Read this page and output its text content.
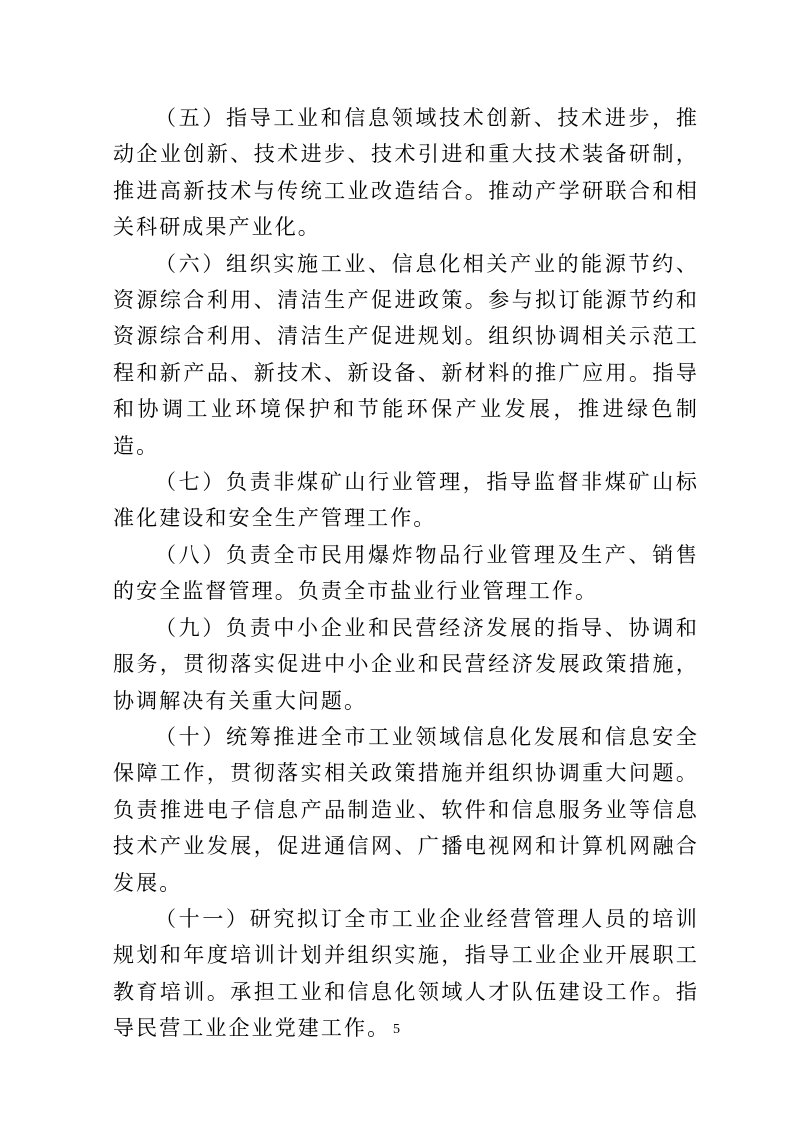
（五）指导工业和信息领域技术创新、技术进步，推动企业创新、技术进步、技术引进和重大技术装备研制，推进高新技术与传统工业改造结合。推动产学研联合和相关科研成果产业化。

（六）组织实施工业、信息化相关产业的能源节约、资源综合利用、清洁生产促进政策。参与拟订能源节约和资源综合利用、清洁生产促进规划。组织协调相关示范工程和新产品、新技术、新设备、新材料的推广应用。指导和协调工业环境保护和节能环保产业发展，推进绿色制造。

（七）负责非煤矿山行业管理，指导监督非煤矿山标准化建设和安全生产管理工作。

（八）负责全市民用爆炸物品行业管理及生产、销售的安全监督管理。负责全市盐业行业管理工作。

（九）负责中小企业和民营经济发展的指导、协调和服务，贯彻落实促进中小企业和民营经济发展政策措施，协调解决有关重大问题。

（十）统筹推进全市工业领域信息化发展和信息安全保障工作，贯彻落实相关政策措施并组织协调重大问题。负责推进电子信息产品制造业、软件和信息服务业等信息技术产业发展，促进通信网、广播电视网和计算机网融合发展。

（十一）研究拟订全市工业企业经营管理人员的培训规划和年度培训计划并组织实施，指导工业企业开展职工教育培训。承担工业和信息化领域人才队伍建设工作。指导民营工业企业党建工作。 5
